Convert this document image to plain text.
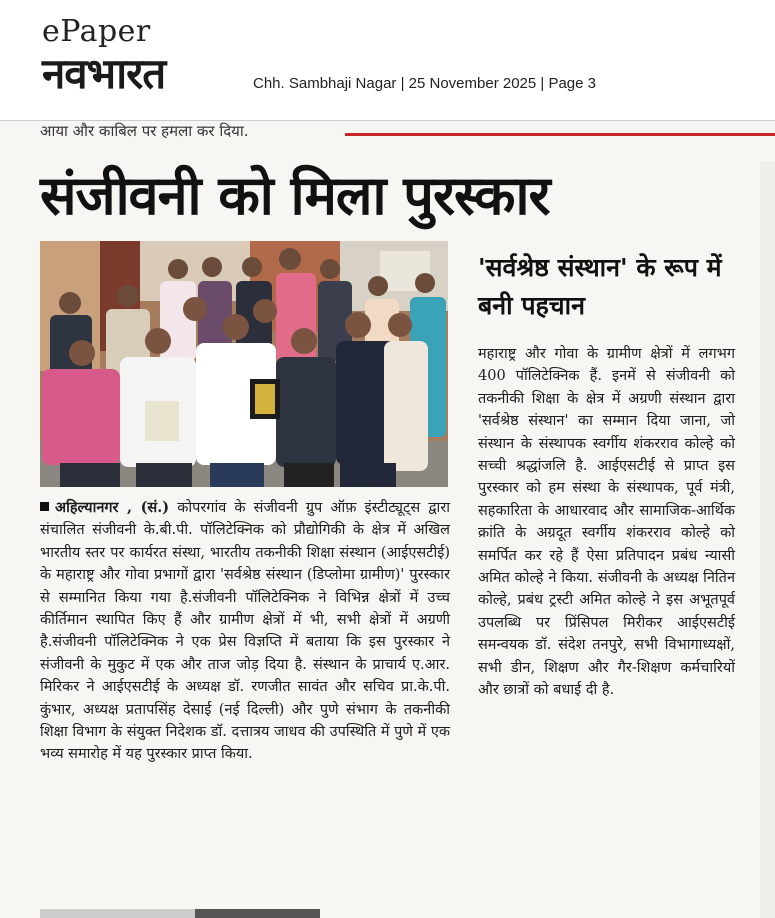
ePaper
नवभारत	Chh. Sambhaji Nagar | 25 November 2025 | Page 3
आया और काबिल पर हमला कर दिया.
संजीवनी को मिला पुरस्कार
'सर्वश्रेष्ठ संस्थान' के रूप में बनी पहचान
महाराष्ट्र और गोवा के ग्रामीण क्षेत्रों में लगभग 400 पॉलिटेक्निक हैं. इनमें से संजीवनी को तकनीकी शिक्षा के क्षेत्र में अग्रणी संस्थान द्वारा 'सर्वश्रेष्ठ संस्थान' का सम्मान दिया जाना, जो संस्थान के संस्थापक स्वर्गीय शंकरराव कोल्हे को सच्ची श्रद्धांजलि है. आईएसटीई से प्राप्त इस पुरस्कार को हम संस्था के संस्थापक, पूर्व मंत्री, सहकारिता के आधारवाद और सामाजिक-आर्थिक क्रांति के अग्रदूत स्वर्गीय शंकरराव कोल्हे को समर्पित कर रहे हैं ऐसा प्रतिपादन प्रबंध न्यासी अमित कोल्हे ने किया. संजीवनी के अध्यक्ष नितिन कोल्हे, प्रबंध ट्रस्टी अमित कोल्हे ने इस अभूतपूर्व उपलब्धि पर प्रिंसिपल मिरीकर आईएसटीई समन्वयक डॉ. संदेश तनपुरे, सभी विभागाध्यक्षों, सभी डीन, शिक्षण और गैर-शिक्षण कर्मचारियों और छात्रों को बधाई दी है.
अहिल्यानगर , (सं.) कोपरगांव के संजीवनी ग्रुप ऑफ़ इंस्टीट्यूट्स द्वारा संचालित संजीवनी के.बी.पी. पॉलिटेक्निक को प्रौद्योगिकी के क्षेत्र में अखिल भारतीय स्तर पर कार्यरत संस्था, भारतीय तकनीकी शिक्षा संस्थान (आईएसटीई) के महाराष्ट्र और गोवा प्रभागों द्वारा 'सर्वश्रेष्ठ संस्थान (डिप्लोमा ग्रामीण)' पुरस्कार से सम्मानित किया गया है.संजीवनी पॉलिटेक्निक ने विभिन्न क्षेत्रों में उच्च कीर्तिमान स्थापित किए हैं और ग्रामीण क्षेत्रों में भी, सभी क्षेत्रों में अग्रणी है.संजीवनी पॉलिटेक्निक ने एक प्रेस विज्ञप्ति में बताया कि इस पुरस्कार ने संजीवनी के मुकुट में एक और ताज जोड़ दिया है. संस्थान के प्राचार्य ए.आर. मिरिकर ने आईएसटीई के अध्यक्ष डॉ. रणजीत सावंत और सचिव प्रा.के.पी. कुंभार, अध्यक्ष प्रतापसिंह देसाई (नई दिल्ली) और पुणे संभाग के तकनीकी शिक्षा विभाग के संयुक्त निदेशक डॉ. दत्तात्रय जाधव की उपस्थिति में पुणे में एक भव्य समारोह में यह पुरस्कार प्राप्त किया.
